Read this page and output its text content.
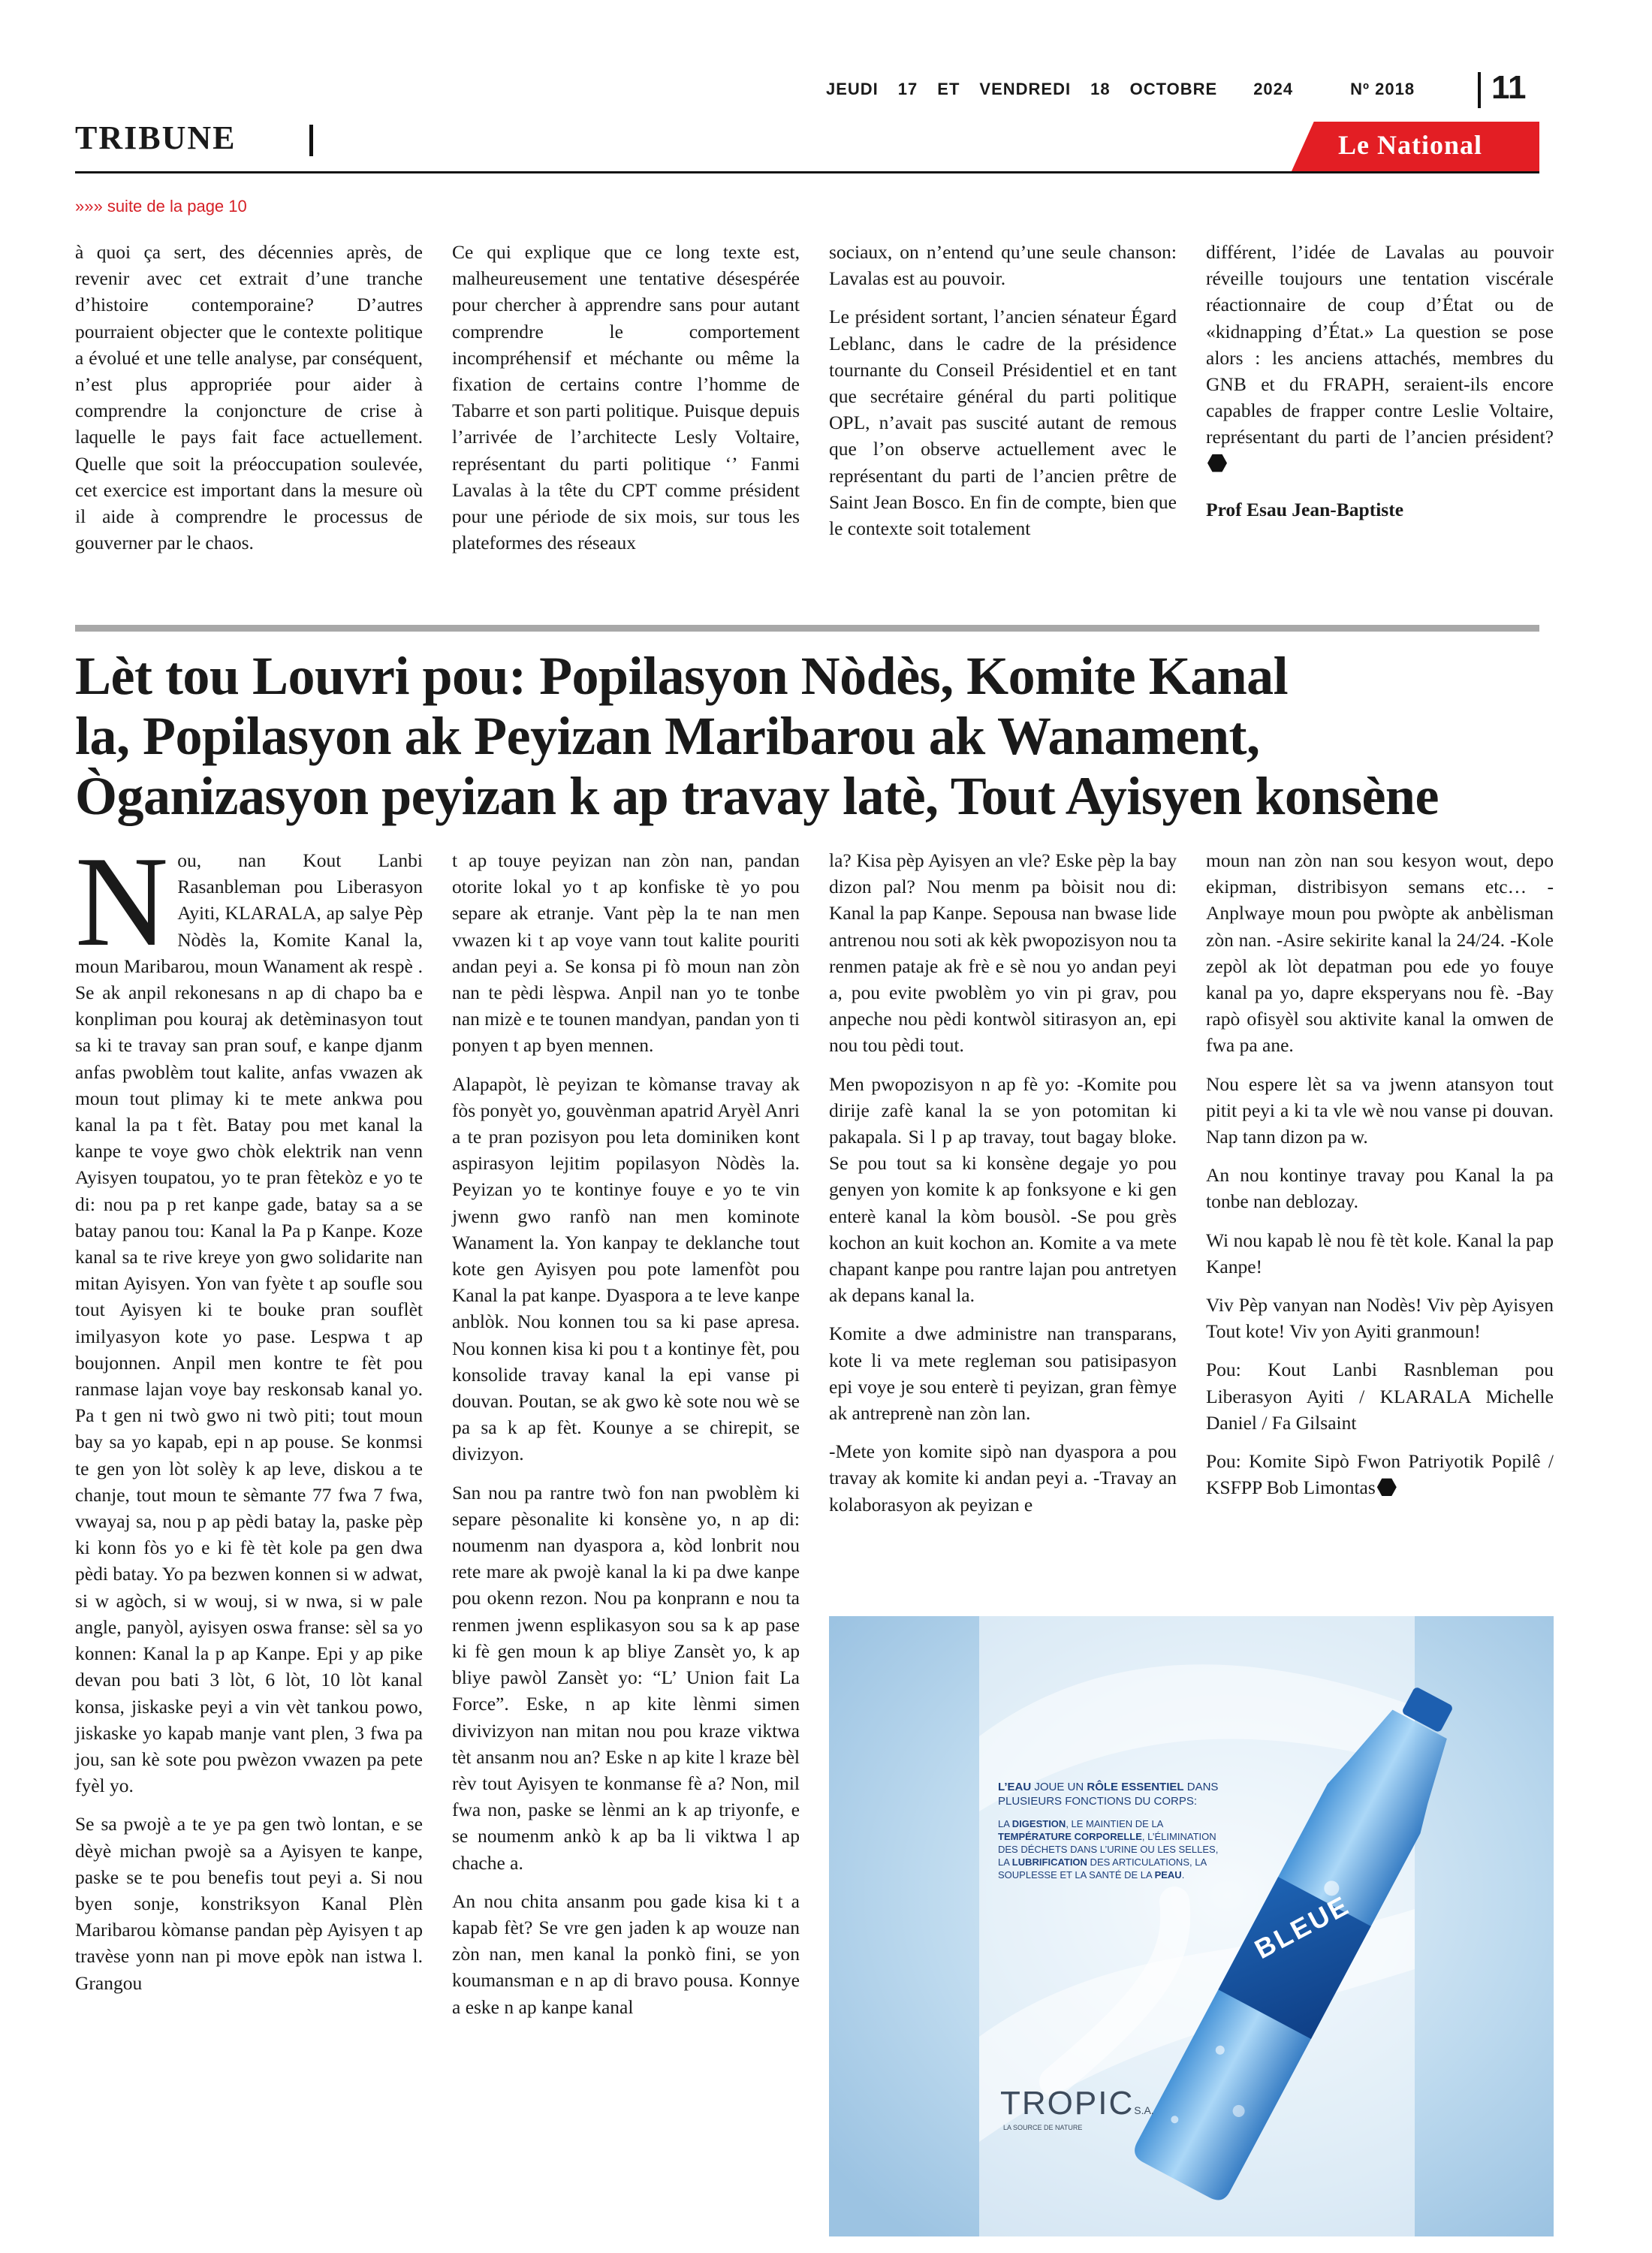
JEUDI 17 ET VENDREDI 18 OCTOBRE 2024	Nº 2018 11
TRIBUNE	Le National
»»» suite de la page 10

à quoi ça sert, des décennies après, de revenir avec cet extrait d’une tranche d’histoire contemporaine? D’autres pourraient objecter que le contexte politique a évolué et une telle analyse, par conséquent, n’est plus appropriée pour aider à comprendre la conjoncture de crise à laquelle le pays fait face actuellement. Quelle que soit la préoccupation soulevée, cet exercice est important dans la mesure où il aide à comprendre le processus de gouverner par le chaos.

Ce qui explique que ce long texte est, malheureusement une tentative désespérée pour chercher à apprendre sans pour autant comprendre le comportement incompréhensif et méchante ou même la fixation de certains contre l’homme de Tabarre et son parti politique. Puisque depuis l’arrivée de l’architecte Lesly Voltaire, représentant du parti politique ‘’ Fanmi Lavalas à la tête du CPT comme président pour une période de six mois, sur tous les plateformes des réseaux

sociaux, on n’entend qu’une seule chanson: Lavalas est au pouvoir.

Le président sortant, l’ancien sénateur Égard Leblanc, dans le cadre de la présidence tournante du Conseil Présidentiel et en tant que secrétaire général du parti politique OPL, n’avait pas suscité autant de remous que l’on observe actuellement avec le représentant du parti de l’ancien prêtre de Saint Jean Bosco. En fin de compte, bien que le contexte soit totalement

différent, l’idée de Lavalas au pouvoir réveille toujours une tentation viscérale réactionnaire de coup d’État ou de «kidnapping d’État.» La question se pose alors : les anciens attachés, membres du GNB et du FRAPH, seraient-ils encore capables de frapper contre Leslie Voltaire, représentant du parti de l’ancien président?

Prof Esau Jean-Baptiste

Lèt tou Louvri pou: Popilasyon Nòdès, Komite Kanal
la, Popilasyon ak Peyizan Maribarou ak Wanament,
Òganizasyon peyizan k ap travay latè, Tout Ayisyen konsène

Nou, nan Kout Lanbi Rasanbleman pou Liberasyon Ayiti, KLARALA, ap salye Pèp Nòdès la, Komite Kanal la, moun Maribarou, moun Wanament ak respè . Se ak anpil rekonesans n ap di chapo ba e konpliman pou kouraj ak detèminasyon tout sa ki te travay san pran souf, e kanpe djanm anfas pwoblèm tout kalite, anfas vwazen ak moun tout plimay ki te mete ankwa pou kanal la pa t fèt. Batay pou met kanal la kanpe te voye gwo chòk elektrik nan venn Ayisyen toupatou, yo te pran fètekòz e yo te di: nou pa p ret kanpe gade, batay sa a se batay panou tou: Kanal la Pa p Kanpe. Koze kanal sa te rive kreye yon gwo solidarite nan mitan Ayisyen. Yon van fyète t ap soufle sou tout Ayisyen ki te bouke pran souflèt imilyasyon kote yo pase. Lespwa t ap boujonnen. Anpil men kontre te fèt pou ranmase lajan voye bay reskonsab kanal yo. Pa t gen ni twò gwo ni twò piti; tout moun bay sa yo kapab, epi n ap pouse. Se konmsi te gen yon lòt solèy k ap leve, diskou a te chanje, tout moun te sèmante 77 fwa 7 fwa, vwayaj sa, nou p ap pèdi batay la, paske pèp ki konn fòs yo e ki fè tèt kole pa gen dwa pèdi batay. Yo pa bezwen konnen si w adwat, si w agòch, si w wouj, si w nwa, si w pale angle, panyòl, ayisyen oswa franse: sèl sa yo konnen: Kanal la p ap Kanpe. Epi y ap pike devan pou bati 3 lòt, 6 lòt, 10 lòt kanal konsa, jiskaske peyi a vin vèt tankou powo, jiskaske yo kapab manje vant plen, 3 fwa pa jou, san kè sote pou pwèzon vwazen pa pete fyèl yo.

Se sa pwojè a te ye pa gen twò lontan, e se dèyè michan pwojè sa a Ayisyen te kanpe, paske se te pou benefis tout peyi a. Si nou byen sonje, konstriksyon Kanal Plèn Maribarou kòmanse pandan pèp Ayisyen t ap travèse yonn nan pi move epòk nan istwa l. Grangou

t ap touye peyizan nan zòn nan, pandan otorite lokal yo t ap konfiske tè yo pou separe ak etranje. Vant pèp la te nan men vwazen ki t ap voye vann tout kalite pouriti andan peyi a. Se konsa pi fò moun nan zòn nan te pèdi lèspwa. Anpil nan yo te tonbe nan mizè e te tounen mandyan, pandan yon ti ponyen t ap byen mennen.

Alapapòt, lè peyizan te kòmanse travay ak fòs ponyèt yo, gouvènman apatrid Aryèl Anri a te pran pozisyon pou leta dominiken kont aspirasyon lejitim popilasyon Nòdès la. Peyizan yo te kontinye fouye e yo te vin jwenn gwo ranfò nan men kominote Wanament la. Yon kanpay te deklanche tout kote gen Ayisyen pou pote lamenfòt pou Kanal la pat kanpe. Dyaspora a te leve kanpe anblòk. Nou konnen tou sa ki pase apresa. Nou konnen kisa ki pou t a kontinye fèt, pou konsolide travay kanal la epi vanse pi douvan. Poutan, se ak gwo kè sote nou wè se pa sa k ap fèt. Kounye a se chirepit, se divizyon.

San nou pa rantre twò fon nan pwoblèm ki separe pèsonalite ki konsène yo, n ap di: noumenm nan dyaspora a, kòd lonbrit nou rete mare ak pwojè kanal la ki pa dwe kanpe pou okenn rezon. Nou pa konprann e nou ta renmen jwenn esplikasyon sou sa k ap pase ki fè gen moun k ap bliye Zansèt yo, k ap bliye pawòl Zansèt yo: “L’ Union fait La Force”. Eske, n ap kite lènmi simen divivizyon nan mitan nou pou kraze viktwa tèt ansanm nou an? Eske n ap kite l kraze bèl rèv tout Ayisyen te konmanse fè a? Non, mil fwa non, paske se lènmi an k ap triyonfe, e se noumenm ankò k ap ba li viktwa l ap chache a.

An nou chita ansanm pou gade kisa ki t a kapab fèt? Se vre gen jaden k ap wouze nan zòn nan, men kanal la ponkò fini, se yon koumansman e n ap di bravo pousa. Konnye a eske n ap kanpe kanal

la? Kisa pèp Ayisyen an vle? Eske pèp la bay dizon pal? Nou menm pa bòisit nou di: Kanal la pap Kanpe. Sepousa nan bwase lide antrenou nou soti ak kèk pwopozisyon nou ta renmen pataje ak frè e sè nou yo andan peyi a, pou evite pwoblèm yo vin pi grav, pou anpeche nou pèdi kontwòl sitirasyon an, epi nou tou pèdi tout.

Men pwopozisyon n ap fè yo: -Komite pou dirije zafè kanal la se yon potomitan ki pakapala. Si l p ap travay, tout bagay bloke. Se pou tout sa ki konsène degaje yo pou genyen yon komite k ap fonksyone e ki gen enterè kanal la kòm bousòl. -Se pou grès kochon an kuit kochon an. Komite a va mete chapant kanpe pou rantre lajan pou antretyen ak depans kanal la.

Komite a dwe administre nan transparans, kote li va mete regleman sou patisipasyon epi voye je sou enterè ti peyizan, gran fèmye ak antreprenè nan zòn lan.

-Mete yon komite sipò nan dyaspora a pou travay ak komite ki andan peyi a. -Travay an kolaborasyon ak peyizan e

moun nan zòn nan sou kesyon wout, depo ekipman, distribisyon semans etc… -Anplwaye moun pou pwòpte ak anbèlisman zòn nan. -Asire sekirite kanal la 24/24. -Kole zepòl ak lòt depatman pou ede yo fouye kanal pa yo, dapre eksperyans nou fè. -Bay rapò ofisyèl sou aktivite kanal la omwen de fwa pa ane.

Nou espere lèt sa va jwenn atansyon tout pitit peyi a ki ta vle wè nou vanse pi douvan. Nap tann dizon pa w.

An nou kontinye travay pou Kanal la pa tonbe nan deblozay.

Wi nou kapab lè nou fè tèt kole. Kanal la pap Kanpe!

Viv Pèp vanyan nan Nodès! Viv pèp Ayisyen Tout kote! Viv yon Ayiti granmoun!

Pou: Kout Lanbi Rasnbleman pou Liberasyon Ayiti / KLARALA Michelle Daniel / Fa Gilsaint

Pou: Komite Sipò Fwon Patriyotik Popilê / KSFPP Bob Limontas

L’EAU JOUE UN RÔLE ESSENTIEL DANS PLUSIEURS FONCTIONS DU CORPS:
LA DIGESTION, LE MAINTIEN DE LA TEMPÉRATURE CORPORELLE, L’ÉLIMINATION DES DÉCHETS DANS L’URINE OU LES SELLES, LA LUBRIFICATION DES ARTICULATIONS, LA SOUPLESSE ET LA SANTÉ DE LA PEAU.
BLEUE
TROPICS.A.
LA SOURCE DE NATURE
